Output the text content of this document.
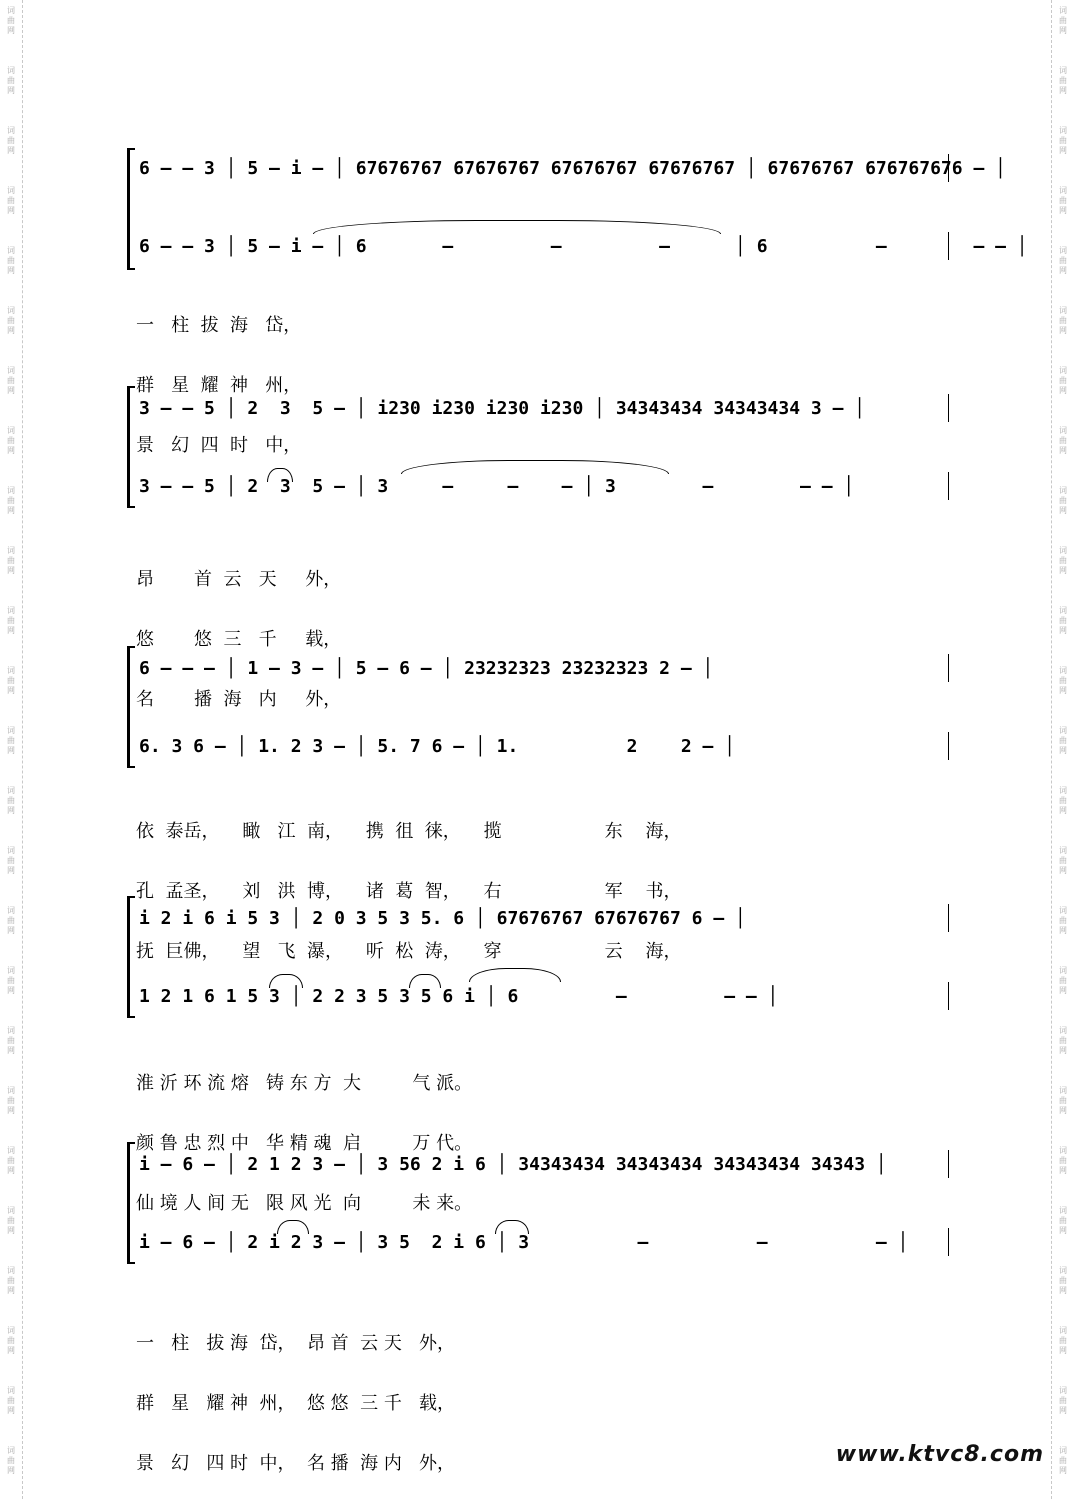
词
曲
网
词
曲
网
词
曲
网
词
曲
网
词
曲
网
词
曲
网
词
曲
网
词
曲
网
词
曲
网
词
曲
网
词
曲
网
词
曲
网
词
曲
网
词
曲
网
词
曲
网
词
曲
网
词
曲
网
词
曲
网
词
曲
网
词
曲
网
词
曲
网
词
曲
网
词
曲
网
词
曲
网
词
曲
网
词
曲
网
词
曲
网
词
曲
网
词
曲
网
词
曲
网
词
曲
网
词
曲
网
词
曲
网
词
曲
网
词
曲
网
词
曲
网
词
曲
网
词
曲
网
词
曲
网
词
曲
网
词
曲
网
词
曲
网
词
曲
网
词
曲
网
词
曲
网
词
曲
网
词
曲
网
词
曲
网
词
曲
网
词
曲
网
6 ‒ ‒ 3 │ 5 ‒ i ‒ │ 67676767 67676767 67676767 67676767 │ 67676767 676767676 ‒ │
6 ‒ ‒ 3 │ 5 ‒ i ‒ │ 6       ‒         ‒         ‒      │ 6          ‒        ‒ ‒ │

一   柱  拔  海   岱，

群   星  耀  神   州，

景   幻  四  时   中，

3 ‒ ‒ 5 │ 2  3  5 ‒ │ i230 i230 i230 i230 │ 34343434 34343434 3 ‒ │
3 ‒ ‒ 5 │ 2  3  5 ‒ │ 3     ‒     ‒    ‒ │ 3        ‒        ‒ ‒ │

昂       首  云   天     外，

悠       悠  三   千     载，

名       播  海   内     外，

6 ‒ ‒ ‒ │ 1 ‒ 3 ‒ │ 5 ‒ 6 ‒ │ 23232323 23232323 2 ‒ │
6. 3 6 ‒ │ 1. 2 3 ‒ │ 5. 7 6 ‒ │ 1.          2    2 ‒ │

依  泰岳，    瞰   江  南，    携  徂  徕，    揽                  东    海，

孔  孟圣，    刘   洪  博，    诸  葛  智，    右                  军    书，

抚  巨佛，    望   飞  瀑，    听  松  涛，    穿                  云    海，

i 2 i 6 i 5 3 │ 2 0 3 5 3 5. 6 │ 67676767 67676767 6 ‒ │
1 2 1 6 1 5 3 │ 2 2 3 5 3 5 6 i │ 6         ‒         ‒ ‒ │

淮 沂 环 流 熔   铸 东 方  大         气 派。

颜 鲁 忠 烈 中   华 精 魂  启         万 代。

仙 境 人 间 无   限 风 光  向         未 来。

i ‒ 6 ‒ │ 2 1 2 3 ‒ │ 3 56 2 i 6 │ 34343434 34343434 34343434 34343 │
i ‒ 6 ‒ │ 2 i 2 3 ‒ │ 3 5  2 i 6 │ 3          ‒          ‒          ‒ │

一   柱   拔 海  岱，  昂 首  云 天   外，

群   星   耀 神  州，  悠 悠  三 千   载，

景   幻   四 时  中，  名 播  海 内   外，	www.ktvc8.com
